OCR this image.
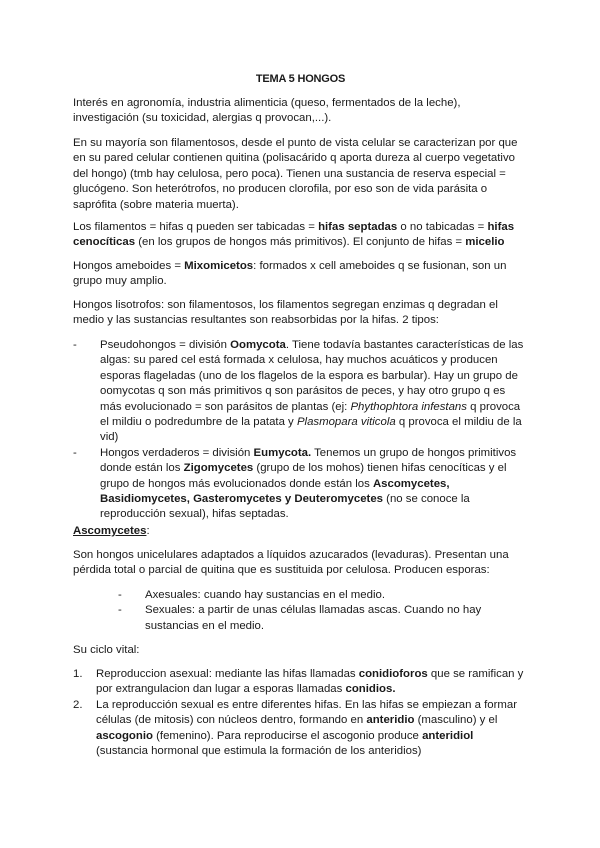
TEMA 5 HONGOS

Interés en agronomía, industria alimenticia (queso, fermentados de la leche), investigación (su toxicidad, alergias q provocan,...).

En su mayoría son filamentosos, desde el punto de vista celular se caracterizan por que en su pared celular contienen quitina (polisacárido q aporta dureza al cuerpo vegetativo del hongo) (tmb hay celulosa, pero poca). Tienen una sustancia de reserva especial = glucógeno. Son heterótrofos, no producen clorofila, por eso son de vida parásita o saprófita (sobre materia muerta).

Los filamentos = hifas q pueden ser tabicadas = hifas septadas o no tabicadas = hifas cenocíticas (en los grupos de hongos más primitivos). El conjunto de hifas = micelio

Hongos ameboides = Mixomicetos: formados x cell ameboides q se fusionan, son un grupo muy amplio.

Hongos lisotrofos: son filamentosos, los filamentos segregan enzimas q degradan el medio y las sustancias resultantes son reabsorbidas por la hifas. 2 tipos:

- Pseudohongos = división Oomycota. Tiene todavía bastantes características de las algas: su pared cel está formada x celulosa, hay muchos acuáticos y producen esporas flageladas (uno de los flagelos de la espora es barbular). Hay un grupo de oomycotas q son más primitivos q son parásitos de peces, y hay otro grupo q es más evolucionado = son parásitos de plantas (ej: Phythophtora infestans q provoca el mildiu o podredumbre de la patata y Plasmopara viticola q provoca el mildiu de la vid)
- Hongos verdaderos = división Eumycota. Tenemos un grupo de hongos primitivos donde están los Zigomycetes (grupo de los mohos) tienen hifas cenocíticas y el grupo de hongos más evolucionados donde están los Ascomycetes, Basidiomycetes, Gasteromycetes y Deuteromycetes (no se conoce la reproducción sexual), hifas septadas.

Ascomycetes:

Son hongos unicelulares adaptados a líquidos azucarados (levaduras). Presentan una pérdida total o parcial de quitina que es sustituida por celulosa. Producen esporas:

- Axesuales: cuando hay sustancias en el medio.
- Sexuales: a partir de unas células llamadas ascas. Cuando no hay sustancias en el medio.

Su ciclo vital:

1. Reproduccion asexual: mediante las hifas llamadas conidioforos que se ramifican y por extrangulacion dan lugar a esporas llamadas conidios.
2. La reproducción sexual es entre diferentes hifas. En las hifas se empiezan a formar células (de mitosis) con núcleos dentro, formando en anteridio (masculino) y el ascogonio (femenino). Para reproducirse el ascogonio produce anteridiol (sustancia hormonal que estimula la formación de los anteridios)
